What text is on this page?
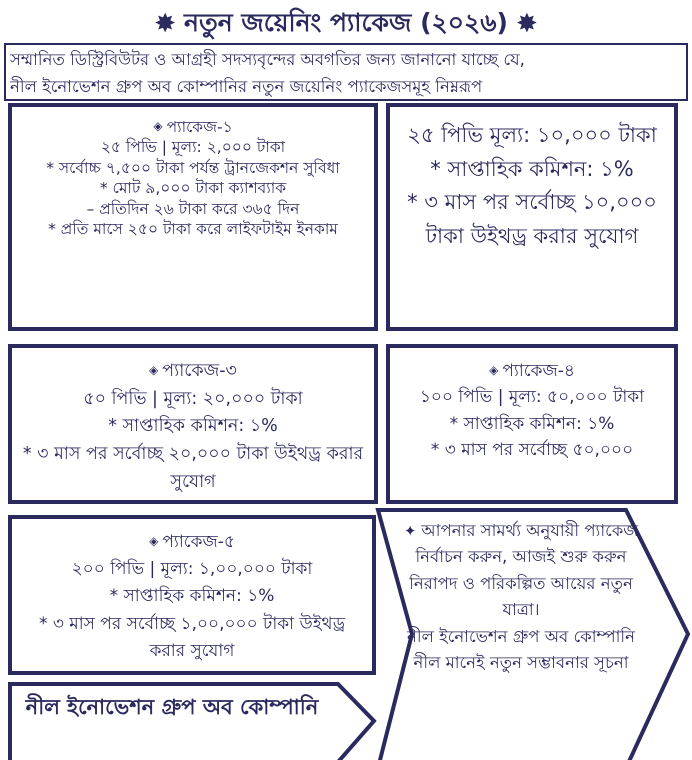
✸ নতুন জয়েনিং প্যাকেজ (২০২৬) ✸
সম্মানিত ডিস্ট্রিবিউটর ও আগ্রহী সদস্যবৃন্দের অবগতির জন্য জানানো যাচ্ছে যে,
নীল ইনোভেশন গ্রুপ অব কোম্পানির নতুন জয়েনিং প্যাকেজসমূহ নিম্নরূপ
◈ প্যাকেজ-১
২৫ পিভি | মূল্য: ২,০০০ টাকা
* সর্বোচ্চ ৭,৫০০ টাকা পর্যন্ত ট্রানজেকশন সুবিধা
* মোট ৯,০০০ টাকা ক্যাশব্যাক
– প্রতিদিন ২৬ টাকা করে ৩৬৫ দিন
* প্রতি মাসে ২৫০ টাকা করে লাইফটাইম ইনকাম
২৫ পিভি মূল্য: ১০,০০০ টাকা
* সাপ্তাহিক কমিশন: ১%
* ৩ মাস পর সর্বোচ্ছ ১০,০০০ টাকা উইথড্র করার সুযোগ
◈ প্যাকেজ-৩
৫০ পিভি | মূল্য: ২০,০০০ টাকা
* সাপ্তাহিক কমিশন: ১%
* ৩ মাস পর সর্বোচ্ছ ২০,০০০ টাকা উইথড্র করার সুযোগ
◈ প্যাকেজ-৪
১০০ পিভি | মূল্য: ৫০,০০০ টাকা
* সাপ্তাহিক কমিশন: ১%
* ৩ মাস পর সর্বোচ্ছ ৫০,০০০
◈ প্যাকেজ-৫
২০০ পিভি | মূল্য: ১,০০,০০০ টাকা
* সাপ্তাহিক কমিশন: ১%
* ৩ মাস পর সর্বোচ্ছ ১,০০,০০০ টাকা উইথড্র করার সুযোগ
নীল ইনোভেশন গ্রুপ অব কোম্পানি
✦ আপনার সামর্থ্য অনুযায়ী প্যাকেজ নির্বাচন করুন, আজই শুরু করুন নিরাপদ ও পরিকল্পিত আয়ের নতুন যাত্রা।
নীল ইনোভেশন গ্রুপ অব কোম্পানি
নীল মানেই নতুন সম্ভাবনার সূচনা
